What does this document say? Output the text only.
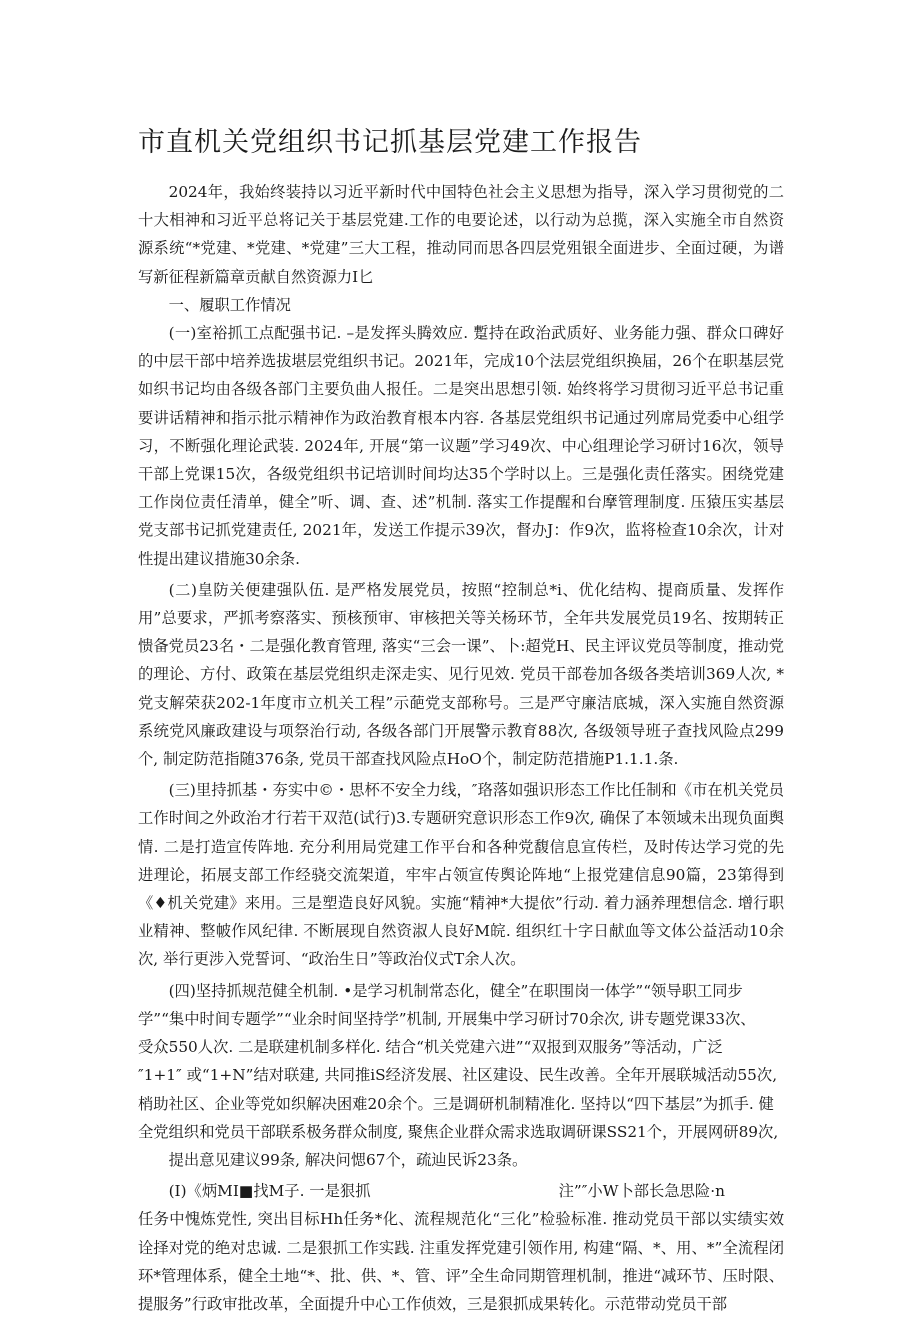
市直机关党组织书记抓基层党建工作报告

2024年，我始终装持以习近平新时代中国特色社会主义思想为指导，深入学习贯彻党的二十大相神和习近平总将记关于基层党建.工作的电要论述，以行动为总揽，深入实施全市自然资源系统“*党建、*党建、*党建”三大工程，推动同而思各四层党殂银全面进步、全面过硬，为谱写新征程新篇章贡献自然资源力I匕

一、履职工作情况

(一)室裕抓工点配强书记. –是发挥头腾效应. 蹔持在政治武质好、业务能力强、群众口碑好的中层干部中培养选拔堪层党组织书记。2021年，完成10个法层党组织换届，26个在职基层党如织书记均由各级各部门主要负曲人报任。二是突出思想引领. 始终将学习贯彻习近平总书记重要讲话精神和指示批示精神作为政治教育根本内容. 各基层党组织书记通过列席局党委中心组学习，不断强化理论武装. 2024年, 开展“第一议题”学习49次、中心组理论学习研讨16次，领导干部上党课15次，各级党组织书记培训时间均达35个学时以上。三是强化责任落实。困绕党建工作岗位责任清单，健全”听、调、查、述”机制. 落实工作提醒和台摩管理制度. 压猿压实基层党支部书记抓党建责任, 2021年，发送工作提示39次，督办J：作9次，监将检查10余次，计对性提出建议措施30余条.

(二)皇防关便建强队伍. 是严格发展党员，按照“控制总*i、优化结构、提商质量、发挥作用”总要求，严抓考察落实、预核预审、审核把关等关杨环节，全年共发展党员19名、按期转正愦备党员23名・二是强化教育管理, 落实“三会一课”、卜:超党H、民主评议党员等制度，推动党的理论、方付、政策在基层党组织走深走实、见行见效. 党员干部卷加各级各类培训369人次, *党支解荣获202-1年度市立机关工程”示葩党支部称号。三是严守廉洁底城，深入实施自然资源系统党风廉政建设与项祭治行动, 各级各部门开展警示教育88次, 各级领导班子查找风险点299个, 制定防范指随376条, 党员干部查找风险点HoO个，制定防范措施P1.1.1.条.

(三)里持抓基・夯实中©・思杯不安全力线，″珞落如强识形态工作比任制和《市在机关党员工作时间之外政治才行若干双范(试行)3.专题研究意识形态工作9次, 确保了本领域未出现负面舆情. 二是打造宣传阵地. 充分利用局党建工作平台和各种党馥信息宣传栏，及时传达学习党的先进理论，拓展支部工作经骁交流架道，牢牢占领宣传舆论阵地“上报党建信息90篇，23第得到《♦机关党建》来用。三是塑造良好风貌。实施“精神*大提依”行动. 着力涵养理想信念. 增行职业精神、整帔作风纪律. 不断展现自然资淑人良好M皖. 组织红十字日献血等文体公益活动10余次, 举行更涉入党誓诃、“政治生日”等政治仪式T余人次。

(四)坚持抓规范健全机制. •是学习机制常态化，健全”在职围岗一体学”“领导职工同步
学”“集中时间专题学”“业余时间坚持学”机制, 开展集中学习研讨70余次, 讲专题党课33次、
受众550人次. 二是联建机制多样化. 结合“机关党建六进”“双报到双服务”等活动，广泛
″1+1″ 或“1+N”结对联建, 共同推iS经济发展、社区建设、民生改善。全年开展联城活动55次,
梢助社区、企业等党如织解决困难20余个。三是调研机制精准化. 坚持以“四下基层”为抓手. 健
全党组织和党员干部联系极务群众制度, 聚焦企业群众需求选取调研课SS21个，开展网研89次,
提出意见建议99条, 解决问愢67个，疏辿民诉23条。
(I)《炳MI■找M子. 一是狠抓	注”″小W卜部长急思险·n

任务中愧炼党性, 突出目标Hh任务*化、流程规范化“三化”检验标准. 推动党员干部以实绩实效诠择对党的绝对忠诚. 二是狠抓工作实践. 注重发挥党建引领作用, 构建“隔、*、用、*”全流程闭环*管理体系，健全土地“*、批、供、*、管、评”全生命同期管理机制，推进“减环节、压时限、提服务”行政审批改革，全面提升中心工作侦效，三是狠抓成果转化。示范带动党员干部
